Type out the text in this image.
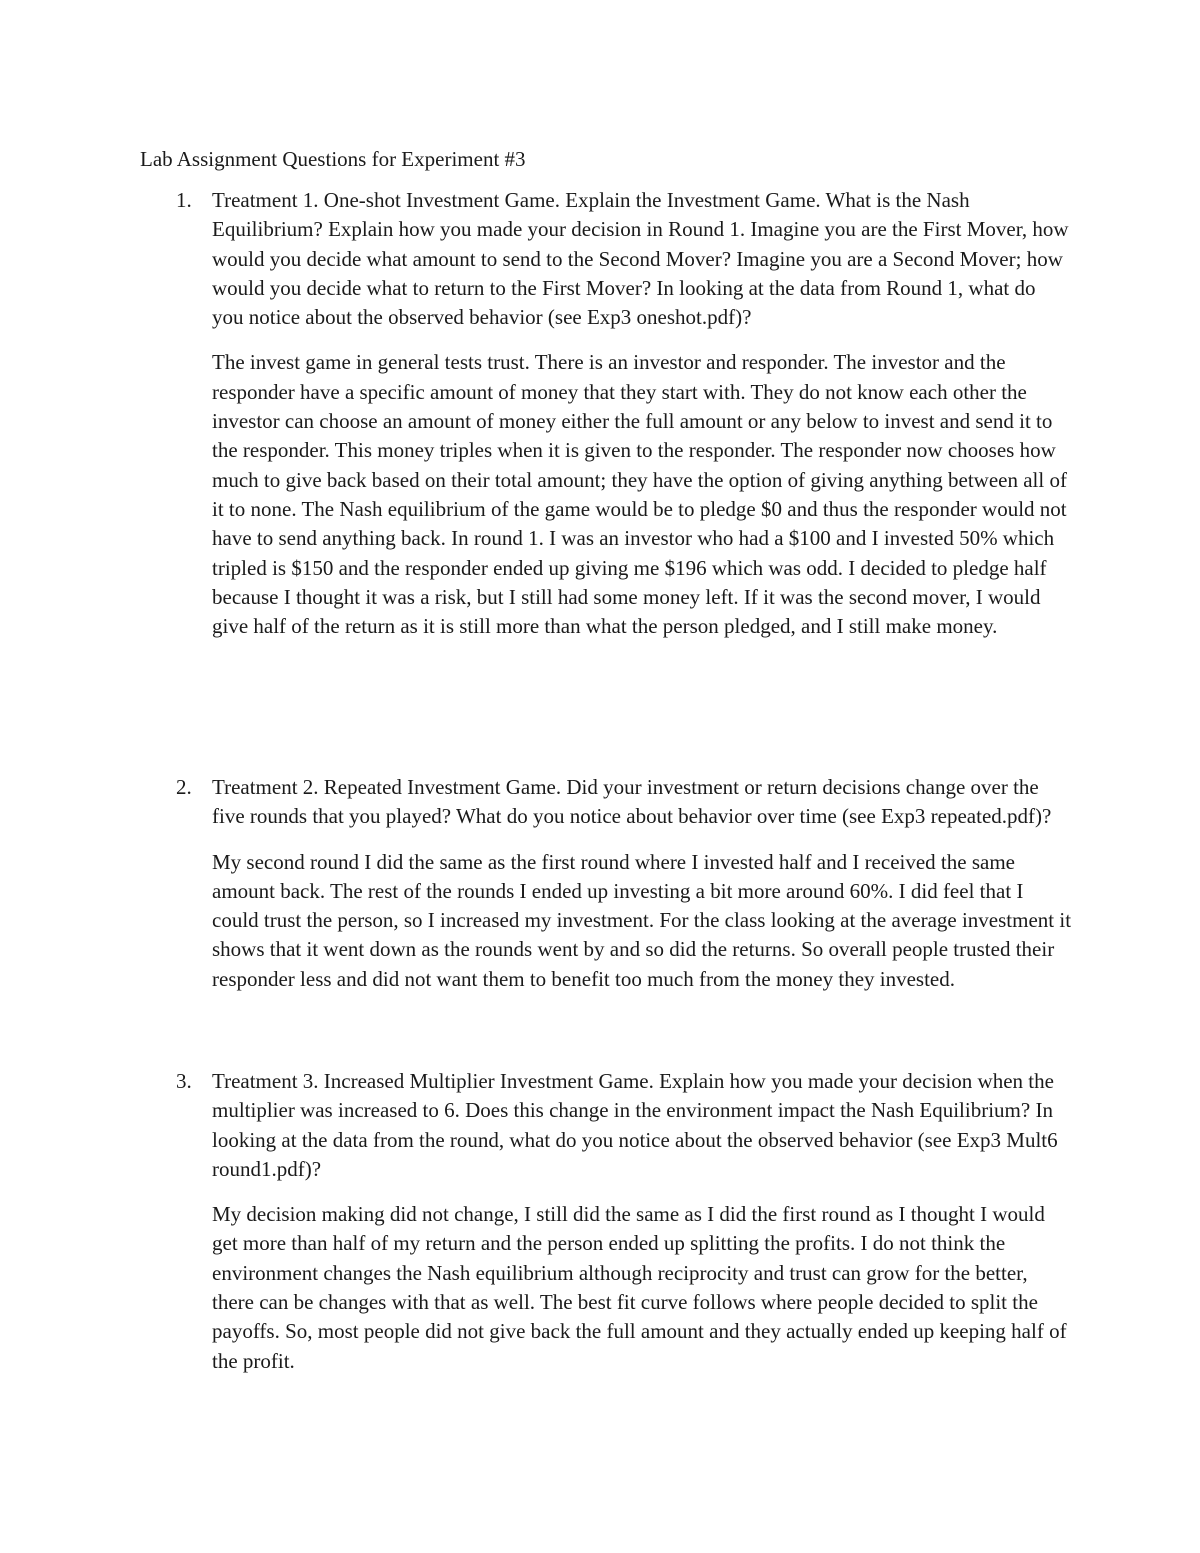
Lab Assignment Questions for Experiment #3
1. Treatment 1. One-shot Investment Game. Explain the Investment Game. What is the Nash Equilibrium? Explain how you made your decision in Round 1. Imagine you are the First Mover, how would you decide what amount to send to the Second Mover? Imagine you are a Second Mover; how would you decide what to return to the First Mover? In looking at the data from Round 1, what do you notice about the observed behavior (see Exp3 oneshot.pdf)?

The invest game in general tests trust. There is an investor and responder. The investor and the responder have a specific amount of money that they start with. They do not know each other the investor can choose an amount of money either the full amount or any below to invest and send it to the responder. This money triples when it is given to the responder. The responder now chooses how much to give back based on their total amount; they have the option of giving anything between all of it to none. The Nash equilibrium of the game would be to pledge $0 and thus the responder would not have to send anything back. In round 1. I was an investor who had a $100 and I invested 50% which tripled is $150 and the responder ended up giving me $196 which was odd. I decided to pledge half because I thought it was a risk, but I still had some money left. If it was the second mover, I would give half of the return as it is still more than what the person pledged, and I still make money.

2. Treatment 2. Repeated Investment Game. Did your investment or return decisions change over the five rounds that you played? What do you notice about behavior over time (see Exp3 repeated.pdf)?

My second round I did the same as the first round where I invested half and I received the same amount back. The rest of the rounds I ended up investing a bit more around 60%. I did feel that I could trust the person, so I increased my investment. For the class looking at the average investment it shows that it went down as the rounds went by and so did the returns. So overall people trusted their responder less and did not want them to benefit too much from the money they invested.

3. Treatment 3. Increased Multiplier Investment Game. Explain how you made your decision when the multiplier was increased to 6. Does this change in the environment impact the Nash Equilibrium? In looking at the data from the round, what do you notice about the observed behavior (see Exp3 Mult6 round1.pdf)?

My decision making did not change, I still did the same as I did the first round as I thought I would get more than half of my return and the person ended up splitting the profits. I do not think the environment changes the Nash equilibrium although reciprocity and trust can grow for the better, there can be changes with that as well. The best fit curve follows where people decided to split the payoffs. So, most people did not give back the full amount and they actually ended up keeping half of the profit.
